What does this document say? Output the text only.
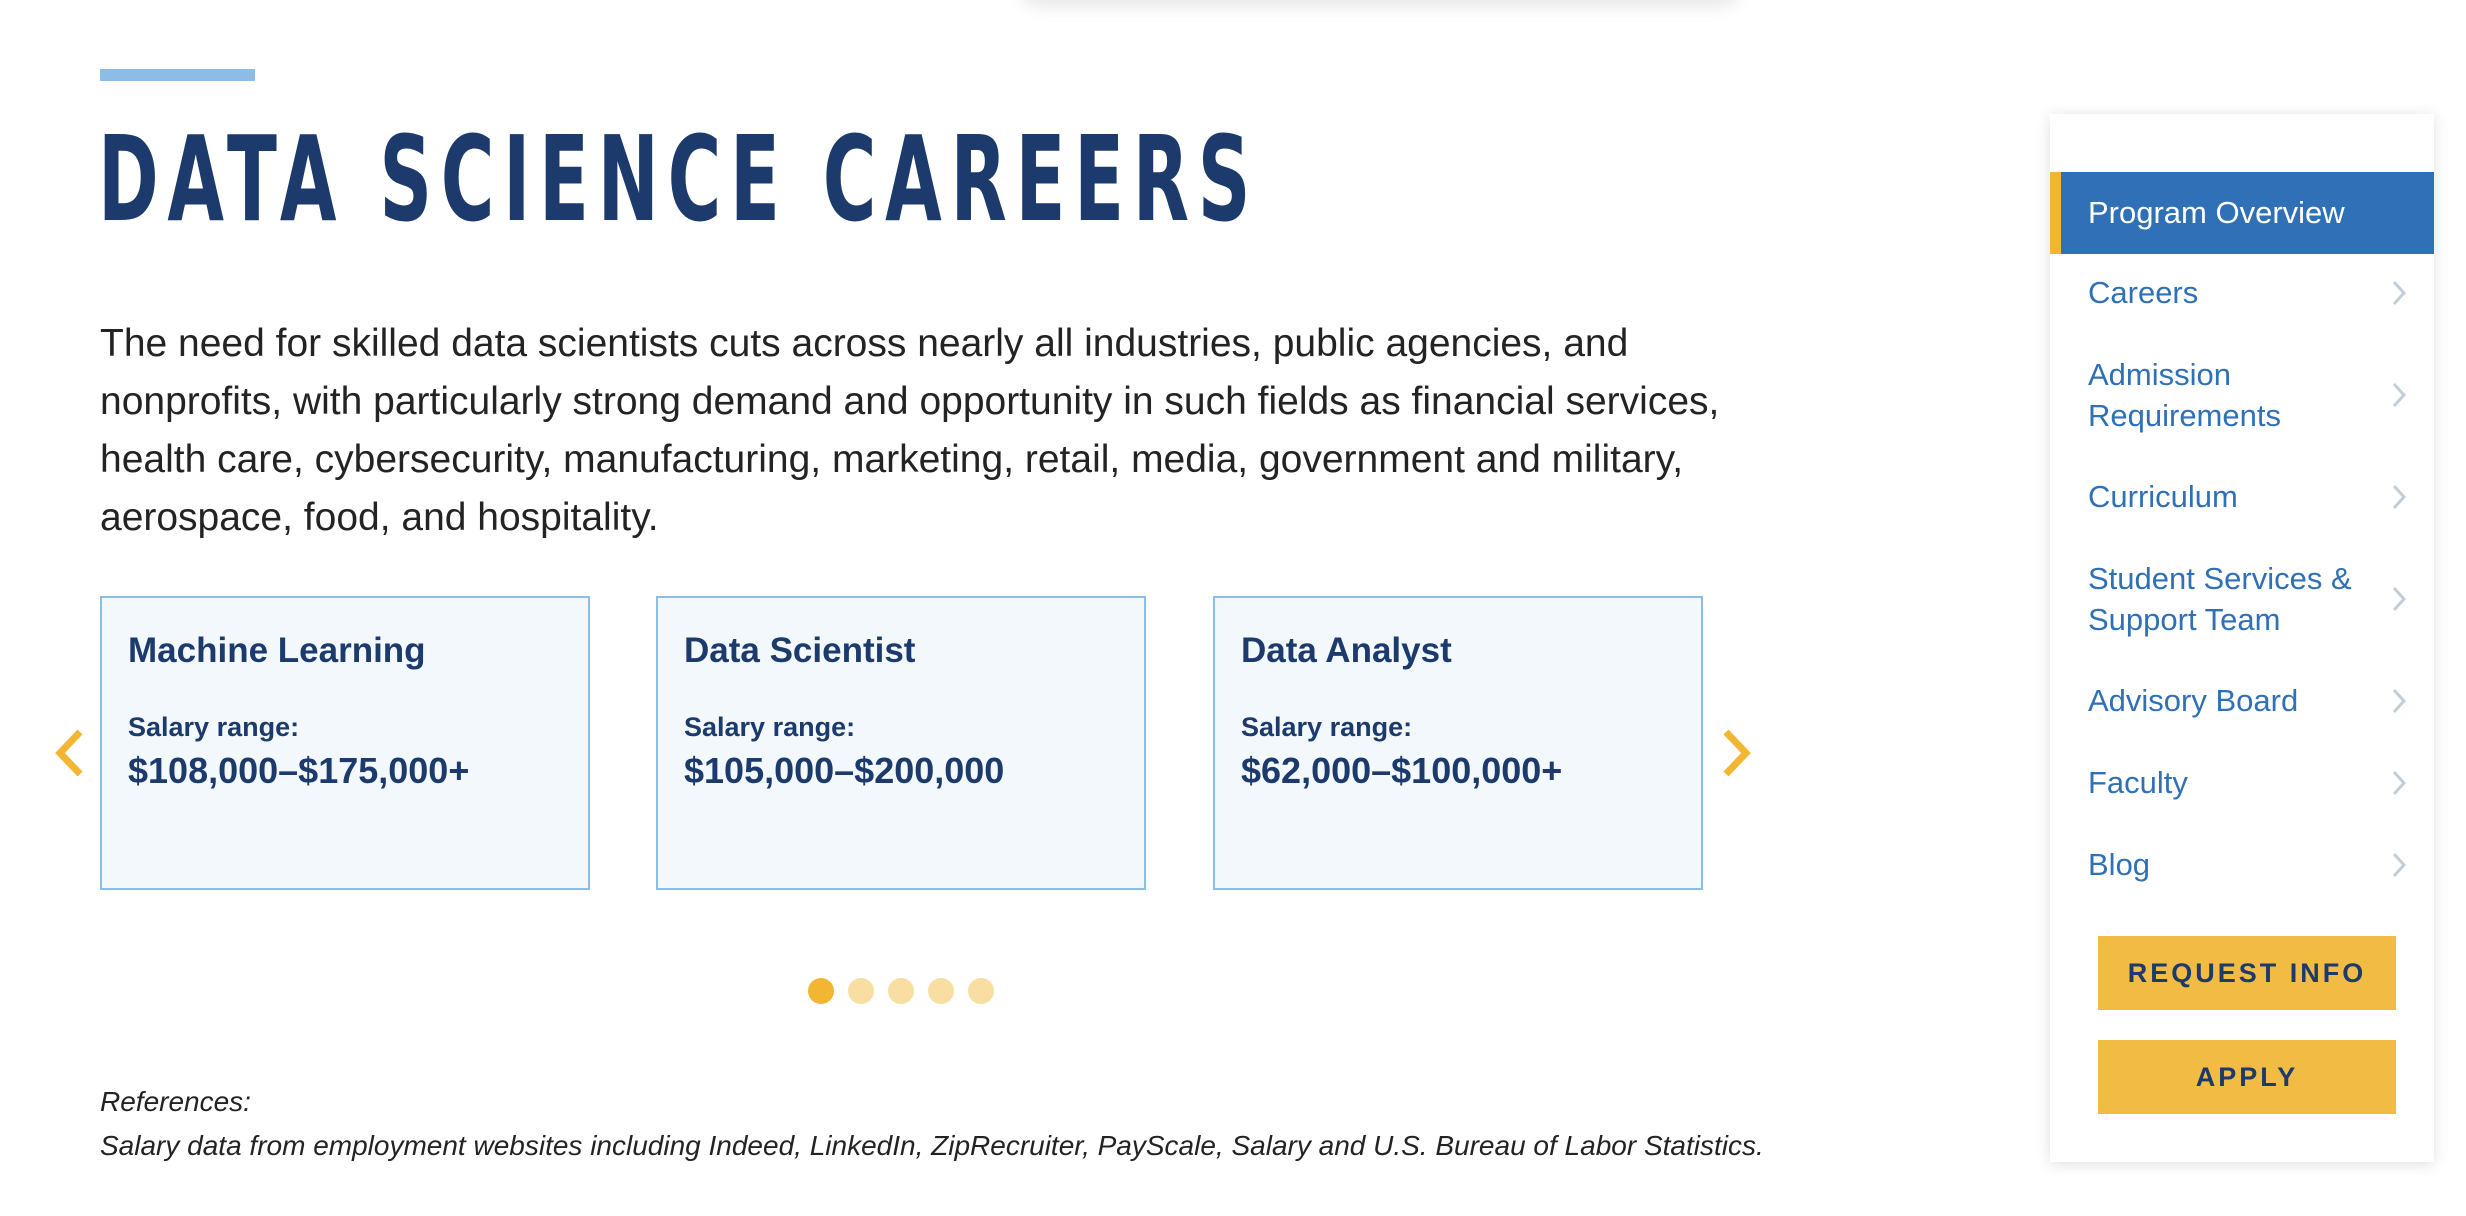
DATA SCIENCE CAREERS

The need for skilled data scientists cuts across nearly all industries, public agencies, and nonprofits, with particularly strong demand and opportunity in such fields as financial services, health care, cybersecurity, manufacturing, marketing, retail, media, government and military, aerospace, food, and hospitality.

Machine Learning

Salary range:

$108,000–$175,000+

Data Scientist

Salary range:

$105,000–$200,000

Data Analyst

Salary range:

$62,000–$100,000+

References:

Salary data from employment websites including Indeed, LinkedIn, ZipRecruiter, PayScale, Salary and U.S. Bureau of Labor Statistics.

Program Overview
Careers
Admission Requirements
Curriculum
Student Services & Support Team
Advisory Board
Faculty
Blog
REQUEST INFO
APPLY
